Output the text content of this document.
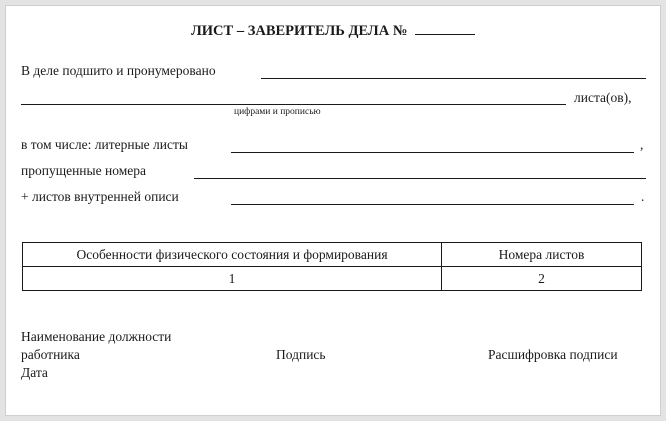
ЛИСТ – ЗАВЕРИТЕЛЬ ДЕЛА №
В деле подшито и пронумеровано
листа(ов),
цифрами и прописью
в том числе: литерные листы	,
пропущенные номера
+ листов внутренней описи	.
Особенности физического состояния и формирования	Номера листов
1	2
Наименование должности
работника
Дата
Подпись	Расшифровка подписи
